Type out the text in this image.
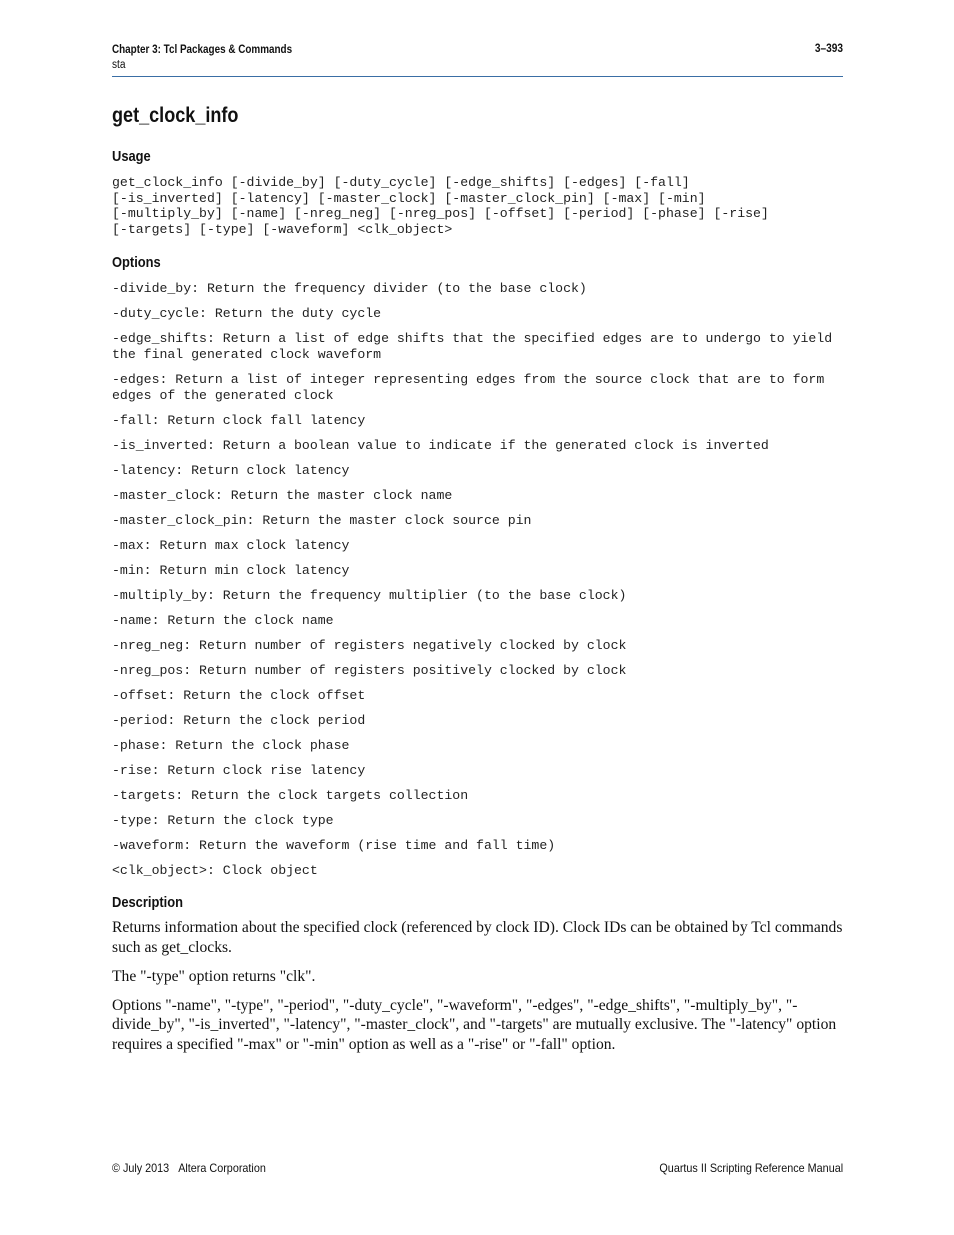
Chapter 3: Tcl Packages & Commands
sta
3–393
get_clock_info
Usage
get_clock_info [-divide_by] [-duty_cycle] [-edge_shifts] [-edges] [-fall]
[-is_inverted] [-latency] [-master_clock] [-master_clock_pin] [-max] [-min]
[-multiply_by] [-name] [-nreg_neg] [-nreg_pos] [-offset] [-period] [-phase] [-rise]
[-targets] [-type] [-waveform] <clk_object>
Options

-divide_by: Return the frequency divider (to the base clock)

-duty_cycle: Return the duty cycle

-edge_shifts: Return a list of edge shifts that the specified edges are to undergo to yield the final generated clock waveform

-edges: Return a list of integer representing edges from the source clock that are to form edges of the generated clock

-fall: Return clock fall latency

-is_inverted: Return a boolean value to indicate if the generated clock is inverted

-latency: Return clock latency

-master_clock: Return the master clock name

-master_clock_pin: Return the master clock source pin

-max: Return max clock latency

-min: Return min clock latency

-multiply_by: Return the frequency multiplier (to the base clock)

-name: Return the clock name

-nreg_neg: Return number of registers negatively clocked by clock

-nreg_pos: Return number of registers positively clocked by clock

-offset: Return the clock offset

-period: Return the clock period

-phase: Return the clock phase

-rise: Return clock rise latency

-targets: Return the clock targets collection

-type: Return the clock type

-waveform: Return the waveform (rise time and fall time)

<clk_object>: Clock object

Description

Returns information about the specified clock (referenced by clock ID). Clock IDs can be obtained by Tcl commands such as get_clocks.

The "-type" option returns "clk".

Options "-name", "-type", "-period", "-duty_cycle", "-waveform", "-edges", "-edge_shifts", "-multiply_by", "-divide_by", "-is_inverted", "-latency", "-master_clock", and "-targets" are mutually exclusive. The "-latency" option requires a specified "-max" or "-min" option as well as a "-rise" or "-fall" option.

© July 2013 Altera Corporation	Quartus II Scripting Reference Manual
